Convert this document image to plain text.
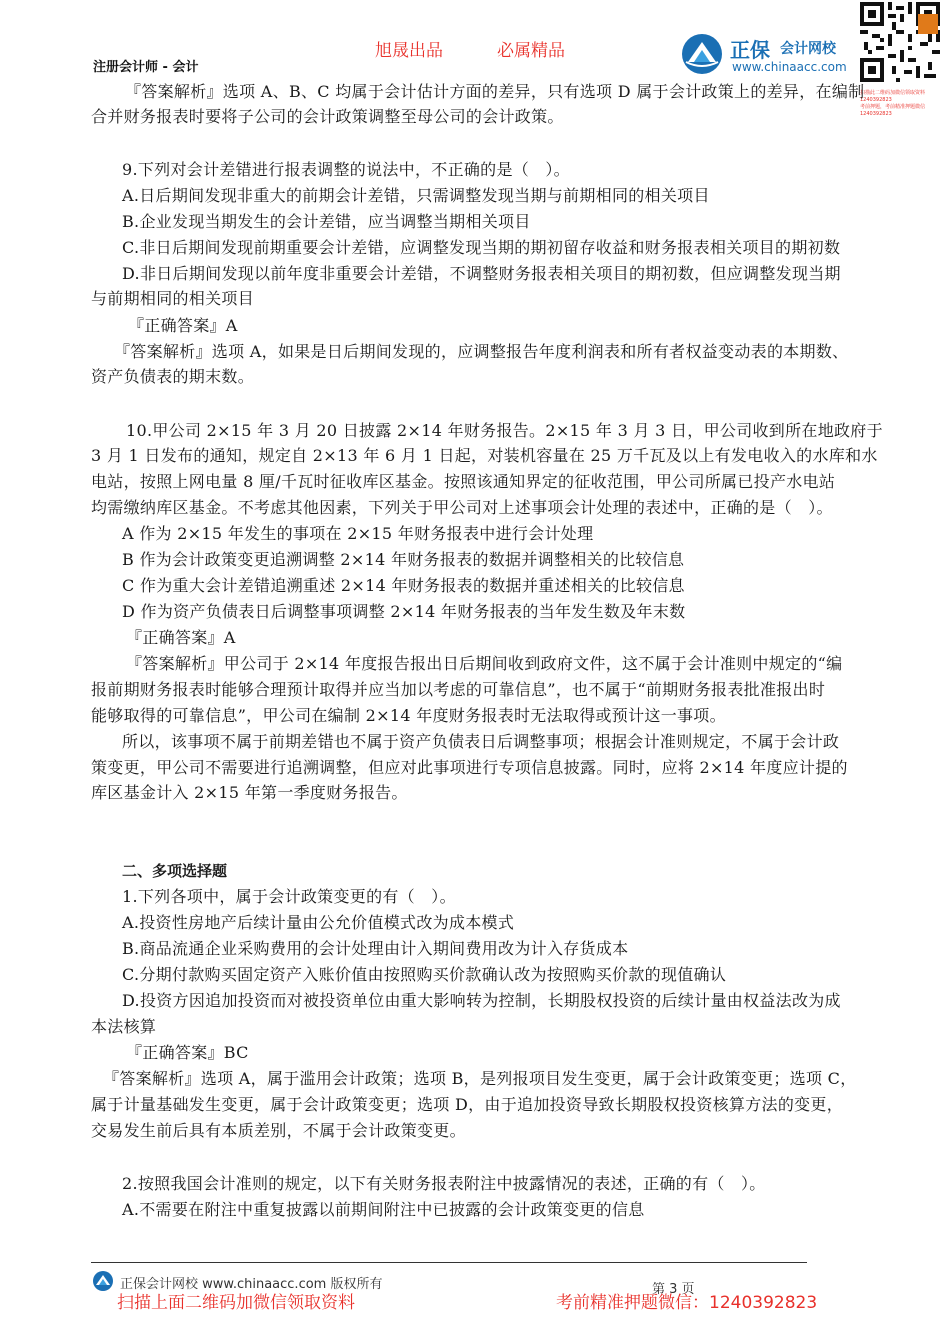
旭晟出品	必属精品
注册会计师 - 会计
正保 会计网校
www.chinaacc.com
扫描此二维码加微信领取资料 1240392823
考前押题，考前精准押题微信 1240392823
『答案解析』选项 A、B、C 均属于会计估计方面的差异，只有选项 D 属于会计政策上的差异，在编制
合并财务报表时要将子公司的会计政策调整至母公司的会计政策。
9.下列对会计差错进行报表调整的说法中，不正确的是（　）。
A.日后期间发现非重大的前期会计差错，只需调整发现当期与前期相同的相关项目
B.企业发现当期发生的会计差错，应当调整当期相关项目
C.非日后期间发现前期重要会计差错，应调整发现当期的期初留存收益和财务报表相关项目的期初数
D.非日后期间发现以前年度非重要会计差错，不调整财务报表相关项目的期初数，但应调整发现当期
与前期相同的相关项目
『正确答案』A
『答案解析』选项 A，如果是日后期间发现的，应调整报告年度利润表和所有者权益变动表的本期数、
资产负债表的期末数。
10.甲公司 2×15 年 3 月 20 日披露 2×14 年财务报告。2×15 年 3 月 3 日，甲公司收到所在地政府于
3 月 1 日发布的通知，规定自 2×13 年 6 月 1 日起，对装机容量在 25 万千瓦及以上有发电收入的水库和水
电站，按照上网电量 8 厘/千瓦时征收库区基金。按照该通知界定的征收范围，甲公司所属已投产水电站
均需缴纳库区基金。不考虑其他因素，下列关于甲公司对上述事项会计处理的表述中，正确的是（　）。
A 作为 2×15 年发生的事项在 2×15 年财务报表中进行会计处理
B 作为会计政策变更追溯调整 2×14 年财务报表的数据并调整相关的比较信息
C 作为重大会计差错追溯重述 2×14 年财务报表的数据并重述相关的比较信息
D 作为资产负债表日后调整事项调整 2×14 年财务报表的当年发生数及年末数
『正确答案』A
『答案解析』甲公司于 2×14 年度报告报出日后期间收到政府文件，这不属于会计准则中规定的“编
报前期财务报表时能够合理预计取得并应当加以考虑的可靠信息”，也不属于“前期财务报表批准报出时
能够取得的可靠信息”，甲公司在编制 2×14 年度财务报表时无法取得或预计这一事项。
所以，该事项不属于前期差错也不属于资产负债表日后调整事项；根据会计准则规定，不属于会计政
策变更，甲公司不需要进行追溯调整，但应对此事项进行专项信息披露。同时，应将 2×14 年度应计提的
库区基金计入 2×15 年第一季度财务报告。
二、多项选择题
1.下列各项中，属于会计政策变更的有（　）。
A.投资性房地产后续计量由公允价值模式改为成本模式
B.商品流通企业采购费用的会计处理由计入期间费用改为计入存货成本
C.分期付款购买固定资产入账价值由按照购买价款确认改为按照购买价款的现值确认
D.投资方因追加投资而对被投资单位由重大影响转为控制，长期股权投资的后续计量由权益法改为成
本法核算
『正确答案』BC
『答案解析』选项 A，属于滥用会计政策；选项 B，是列报项目发生变更，属于会计政策变更；选项 C，
属于计量基础发生变更，属于会计政策变更；选项 D，由于追加投资导致长期股权投资核算方法的变更，
交易发生前后具有本质差别，不属于会计政策变更。
2.按照我国会计准则的规定，以下有关财务报表附注中披露情况的表述，正确的有（　）。
A.不需要在附注中重复披露以前期间附注中已披露的会计政策变更的信息
正保会计网校 www.chinaacc.com 版权所有	第 3 页
扫描上面二维码加微信领取资料	考前精准押题微信：1240392823
